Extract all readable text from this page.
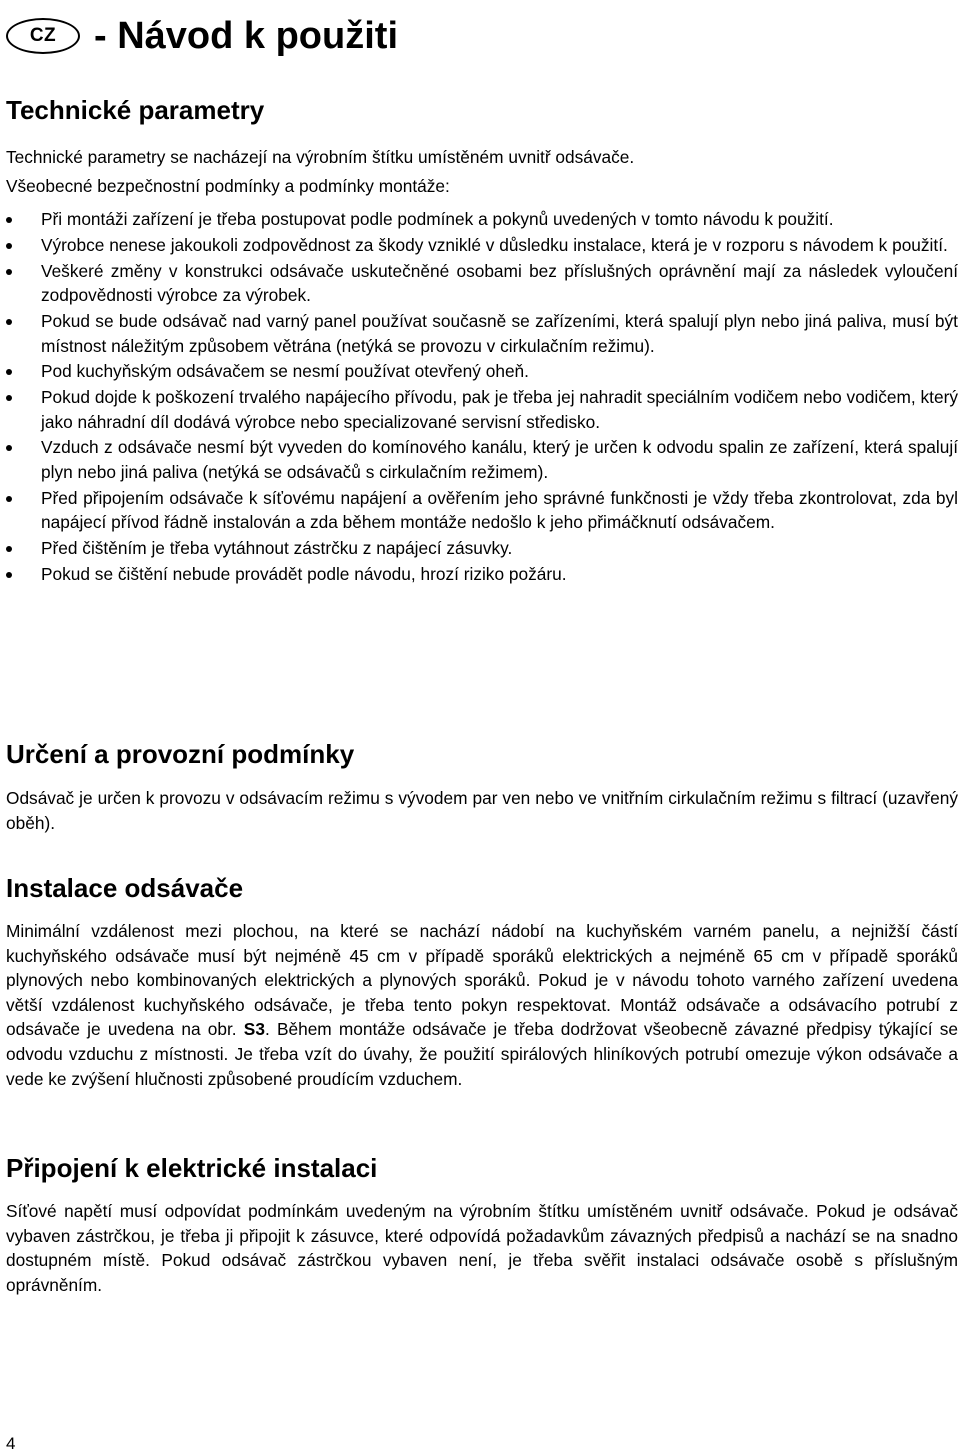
CZ - Návod k použiti
Technické parametry

Technické parametry se nacházejí na výrobním štítku umístěném uvnitř odsávače.

Všeobecné bezpečnostní podmínky a podmínky montáže:

Při montáži zařízení je třeba postupovat podle podmínek a pokynů uvedených v tomto návodu k použití.
Výrobce nenese jakoukoli zodpovědnost za škody vzniklé v důsledku instalace, která je v rozporu s návodem k použití.
Veškeré změny v konstrukci odsávače uskutečněné osobami bez příslušných oprávnění mají za následek vyloučení zodpovědnosti výrobce za výrobek.
Pokud se bude odsávač nad varný panel používat současně se zařízeními, která spalují plyn nebo jiná paliva, musí být místnost náležitým způsobem větrána (netýká se provozu v cirkulačním režimu).
Pod kuchyňským odsávačem se nesmí používat otevřený oheň.
Pokud dojde k poškození trvalého napájecího přívodu, pak je třeba jej nahradit speciálním vodičem nebo vodičem, který jako náhradní díl dodává výrobce nebo specializované servisní středisko.
Vzduch z odsávače nesmí být vyveden do komínového kanálu, který je určen k odvodu spalin ze zařízení, která spalují plyn nebo jiná paliva (netýká se odsávačů s cirkulačním režimem).
Před připojením odsávače k síťovému napájení a ověřením jeho správné funkčnosti je vždy třeba zkontrolovat, zda byl napájecí přívod řádně instalován a zda během montáže nedošlo k jeho přimáčknutí odsávačem.
Před čištěním je třeba vytáhnout zástrčku z napájecí zásuvky.
Pokud se čištění nebude provádět podle návodu, hrozí riziko požáru.
Určení a provozní podmínky

Odsávač je určen k provozu v odsávacím režimu s vývodem par ven nebo ve vnitřním cirkulačním režimu s filtrací (uzavřený oběh).

Instalace odsávače

Minimální vzdálenost mezi plochou, na které se nachází nádobí na kuchyňském varném panelu, a nejnižší částí kuchyňského odsávače musí být nejméně 45 cm v případě sporáků elektrických a nejméně 65 cm v případě sporáků plynových nebo kombinovaných elektrických a plynových sporáků. Pokud je v návodu tohoto varného zařízení uvedena větší vzdálenost kuchyňského odsávače, je třeba tento pokyn respektovat. Montáž odsávače a odsávacího potrubí z odsávače je uvedena na obr. S3. Během montáže odsávače je třeba dodržovat všeobecně závazné předpisy týkající se odvodu vzduchu z místnosti. Je třeba vzít do úvahy, že použití spirálových hliníkových potrubí omezuje výkon odsávače a vede ke zvýšení hlučnosti způsobené proudícím vzduchem.

Připojení k elektrické instalaci

Síťové napětí musí odpovídat podmínkám uvedeným na výrobním štítku umístěném uvnitř odsávače. Pokud je odsávač vybaven zástrčkou, je třeba ji připojit k zásuvce, které odpovídá požadavkům závazných předpisů a nachází se na snadno dostupném místě. Pokud odsávač zástrčkou vybaven není, je třeba svěřit instalaci odsávače osobě s příslušným oprávněním.

4
